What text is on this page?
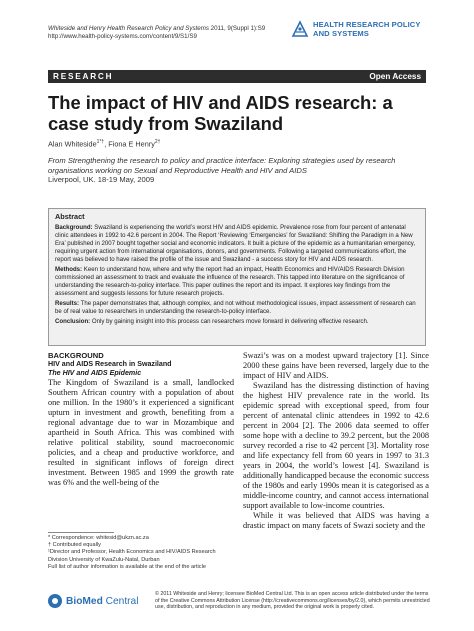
Whiteside and Henry Health Research Policy and Systems 2011, 9(Suppl 1):S9
http://www.health-policy-systems.com/content/9/S1/S9
HEALTH RESEARCH POLICY
AND SYSTEMS
RESEARCH	Open Access
The impact of HIV and AIDS research: a case study from Swaziland
Alan Whiteside$^{1*\dagger}$, Fiona E Henry$^{2\dagger}$
From Strengthening the research to policy and practice interface: Exploring strategies used by research organisations working on Sexual and Reproductive Health and HIV and AIDS
Liverpool, UK. 18-19 May, 2009
Abstract

Background: Swaziland is experiencing the world’s worst HIV and AIDS epidemic. Prevalence rose from four percent of antenatal clinic attendees in 1992 to 42.6 percent in 2004. The Report ‘Reviewing ‘Emergencies’ for Swaziland: Shifting the Paradigm in a New Era’ published in 2007 bought together social and economic indicators. It built a picture of the epidemic as a humanitarian emergency, requiring urgent action from international organisations, donors, and governments. Following a targeted communications effort, the report was believed to have raised the profile of the issue and Swaziland - a success story for HIV and AIDS research.

Methods: Keen to understand how, where and why the report had an impact, Health Economics and HIV/AIDS Research Division commissioned an assessment to track and evaluate the influence of the research. This tapped into literature on the significance of understanding the research-to-policy interface. This paper outlines the report and its impact. It explores key findings from the assessment and suggests lessons for future research projects.

Results: The paper demonstrates that, although complex, and not without methodological issues, impact assessment of research can be of real value to researchers in understanding the research-to-policy interface.

Conclusion: Only by gaining insight into this process can researchers move forward in delivering effective research.

BACKGROUND
HIV and AIDS Research in Swaziland
The HIV and AIDS Epidemic

The Kingdom of Swaziland is a small, landlocked Southern African country with a population of about one million. In the 1980’s it experienced a significant upturn in investment and growth, benefiting from a regional advantage due to war in Mozambique and apartheid in South Africa. This was combined with relative political stability, sound macroeconomic policies, and a cheap and productive workforce, and resulted in significant inflows of foreign direct investment. Between 1985 and 1999 the growth rate was 6% and the well-being of the

Swazi’s was on a modest upward trajectory [1]. Since 2000 these gains have been reversed, largely due to the impact of HIV and AIDS.

Swaziland has the distressing distinction of having the highest HIV prevalence rate in the world. Its epidemic spread with exceptional speed, from four percent of antenatal clinic attendees in 1992 to 42.6 percent in 2004 [2]. The 2006 data seemed to offer some hope with a decline to 39.2 percent, but the 2008 survey recorded a rise to 42 percent [3]. Mortality rose and life expectancy fell from 60 years in 1997 to 31.3 years in 2004, the world’s lowest [4]. Swaziland is additionally handicapped because the economic success of the 1980s and early 1990s mean it is categorised as a middle-income country, and cannot access international support available to low-income countries.

While it was believed that AIDS was having a drastic impact on many facets of Swazi society and the

* Correspondence: whitesid@ukzn.ac.za
† Contributed equally
¹Director and Professor, Health Economics and HIV/AIDS Research Division University of KwaZulu-Natal, Durban
Full list of author information is available at the end of the article
BioMed Central
© 2011 Whiteside and Henry; licensee BioMed Central Ltd. This is an open access article distributed under the terms of the Creative Commons Attribution License (http://creativecommons.org/licenses/by/2.0), which permits unrestricted use, distribution, and reproduction in any medium, provided the original work is properly cited.
